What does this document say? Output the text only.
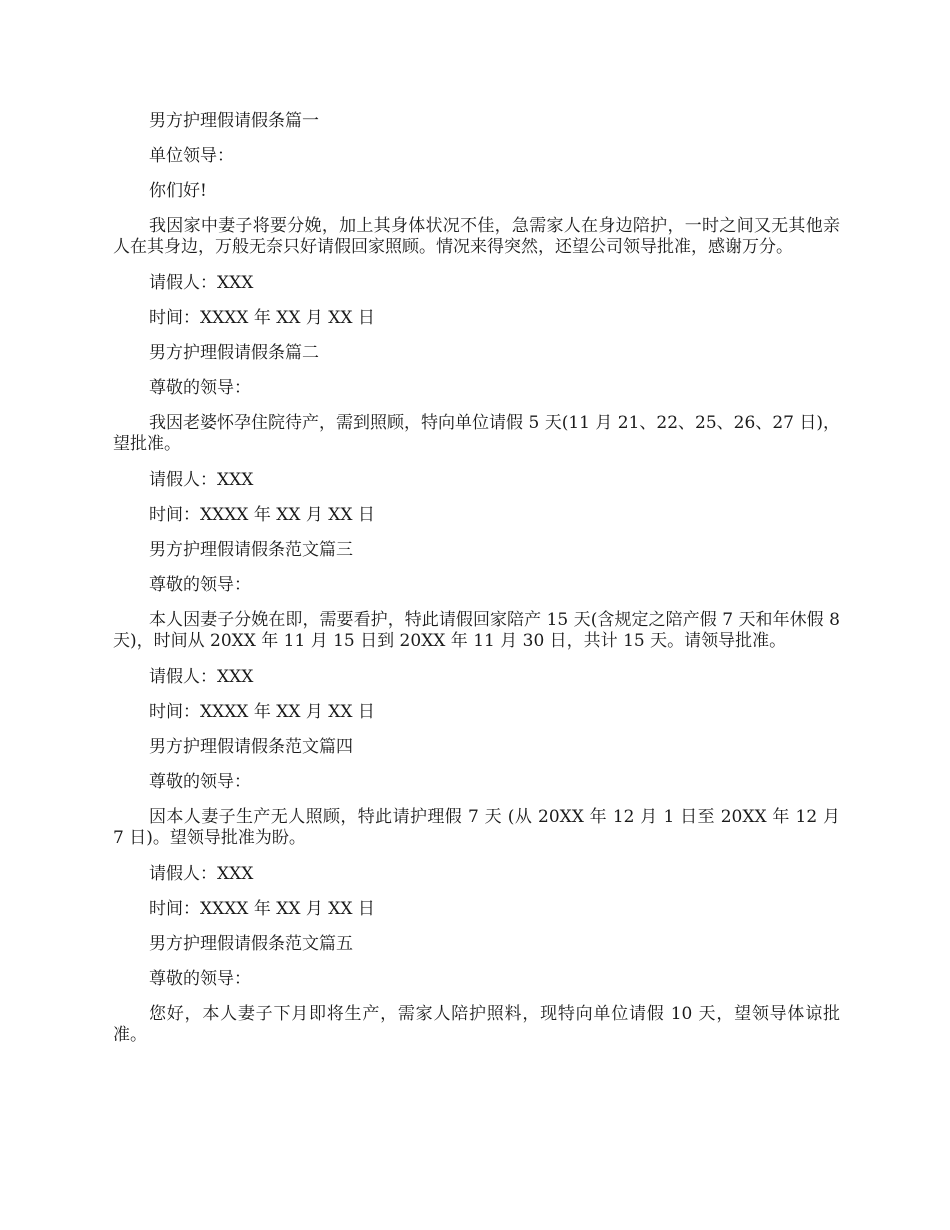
男方护理假请假条篇一

单位领导：

你们好!

我因家中妻子将要分娩，加上其身体状况不佳，急需家人在身边陪护，一时之间又无其他亲人在其身边，万般无奈只好请假回家照顾。情况来得突然，还望公司领导批准，感谢万分。

请假人：XXX

时间：XXXX 年 XX 月 XX 日

男方护理假请假条篇二

尊敬的领导：

我因老婆怀孕住院待产，需到照顾，特向单位请假 5 天(11 月 21、22、25、26、27 日)，望批准。

请假人：XXX

时间：XXXX 年 XX 月 XX 日

男方护理假请假条范文篇三

尊敬的领导：

本人因妻子分娩在即，需要看护，特此请假回家陪产 15 天(含规定之陪产假 7 天和年休假 8 天)，时间从 20XX 年 11 月 15 日到 20XX 年 11 月 30 日，共计 15 天。请领导批准。

请假人：XXX

时间：XXXX 年 XX 月 XX 日

男方护理假请假条范文篇四

尊敬的领导：

因本人妻子生产无人照顾，特此请护理假 7 天 (从 20XX 年 12 月 1 日至 20XX 年 12 月 7 日)。望领导批准为盼。

请假人：XXX

时间：XXXX 年 XX 月 XX 日

男方护理假请假条范文篇五

尊敬的领导：

您好，本人妻子下月即将生产，需家人陪护照料，现特向单位请假 10 天，望领导体谅批准。
